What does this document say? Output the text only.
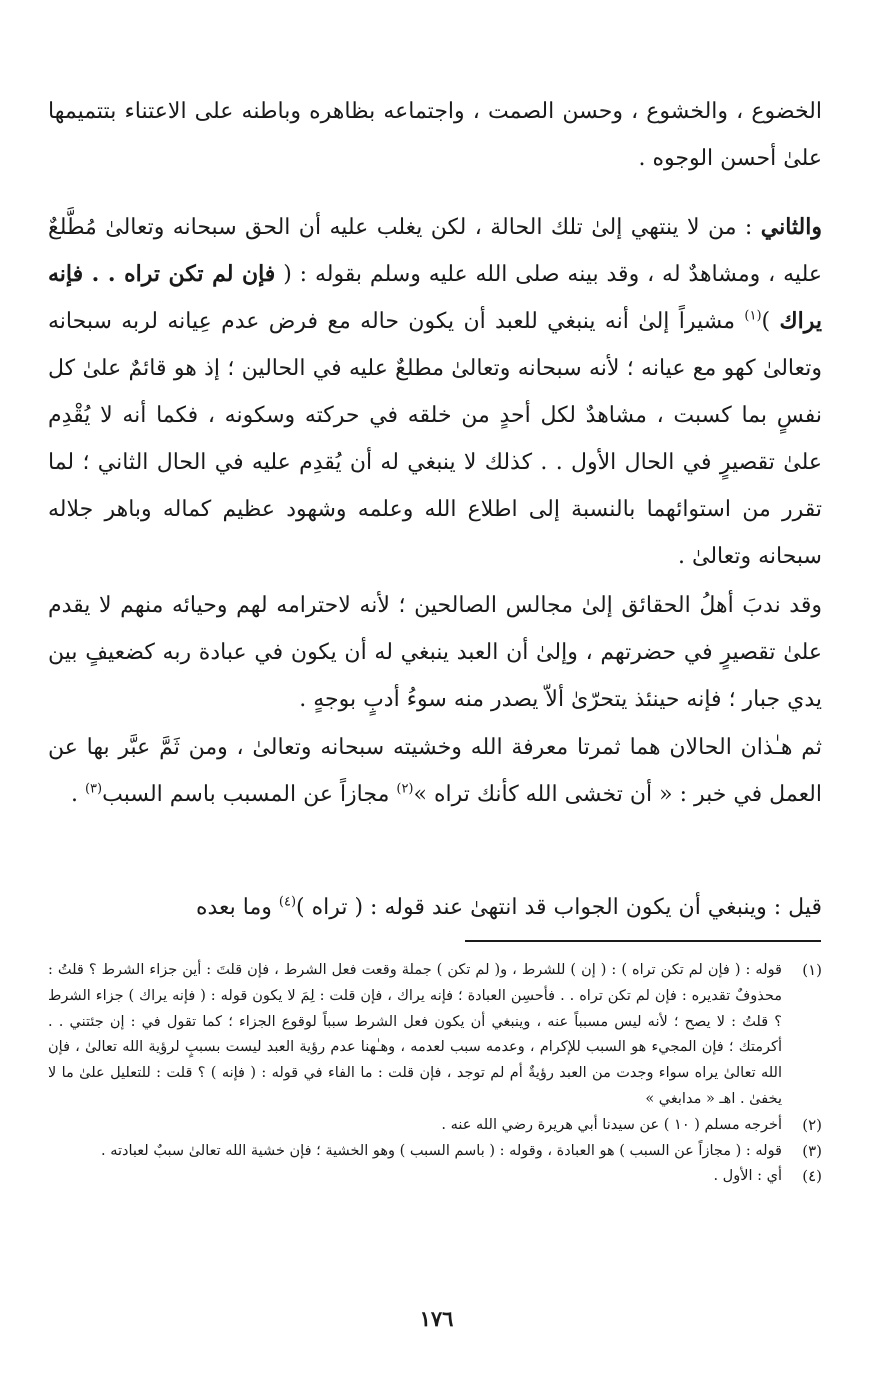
الخضوع ، والخشوع ، وحسن الصمت ، واجتماعه بظاهره وباطنه على الاعتناء بتتميمها علىٰ أحسن الوجوه .

والثاني : من لا ينتهي إلىٰ تلك الحالة ، لكن يغلب عليه أن الحق سبحانه وتعالىٰ مُطَّلعٌ عليه ، ومشاهدٌ له ، وقد بينه صلى الله عليه وسلم بقوله : ( فإن لم تكن تراه . . فإنه يراك )$^{(١)}$ مشيراً إلىٰ أنه ينبغي للعبد أن يكون حاله مع فرض عدم عِيانه لربه سبحانه وتعالىٰ كهو مع عيانه ؛ لأنه سبحانه وتعالىٰ مطلعٌ عليه في الحالين ؛ إذ هو قائمٌ علىٰ كل نفسٍ بما كسبت ، مشاهدٌ لكل أحدٍ من خلقه في حركته وسكونه ، فكما أنه لا يُقْدِم علىٰ تقصيرٍ في الحال الأول . . كذلك لا ينبغي له أن يُقدِم عليه في الحال الثاني ؛ لما تقرر من استوائهما بالنسبة إلى اطلاع الله وعلمه وشهود عظيم كماله وباهر جلاله سبحانه وتعالىٰ .

وقد ندبَ أهلُ الحقائق إلىٰ مجالس الصالحين ؛ لأنه لاحترامه لهم وحيائه منهم لا يقدم علىٰ تقصيرٍ في حضرتهم ، وإلىٰ أن العبد ينبغي له أن يكون في عبادة ربه كضعيفٍ بين يدي جبار ؛ فإنه حينئذ يتحرّىٰ ألاّ يصدر منه سوءُ أدبٍ بوجهٍ .

ثم هـٰذان الحالان هما ثمرتا معرفة الله وخشيته سبحانه وتعالىٰ ، ومن ثَمَّ عبَّر بها عن العمل في خبر : « أن تخشى الله كأنك تراه »$^{(٢)}$ مجازاً عن المسبب باسم السبب$^{(٣)}$ .

قيل : وينبغي أن يكون الجواب قد انتهىٰ عند قوله : ( تراه )$^{(٤)}$ وما بعده

(١)
قوله : ( فإن لم تكن تراه ) : ( إن ) للشرط ، و( لم تكن ) جملة وقعت فعل الشرط ، فإن قلتَ : أين جزاء الشرط ؟ قلتُ : محذوفٌ تقديره : فإن لم تكن تراه . . فأحسِن العبادة ؛ فإنه يراك ، فإن قلت : لِمَ لا يكون قوله : ( فإنه يراك ) جزاء الشرط ؟ قلتُ : لا يصح ؛ لأنه ليس مسبباً عنه ، وينبغي أن يكون فعل الشرط سبباً لوقوع الجزاء ؛ كما تقول في : إن جئتني . . أكرمتك ؛ فإن المجيء هو السبب للإكرام ، وعدمه سبب لعدمه ، وهـٰهنا عدم رؤية العبد ليست بسببٍ لرؤية الله تعالىٰ ، فإن الله تعالىٰ يراه سواء وجدت من العبد رؤيةٌ أم لم توجد ، فإن قلت : ما الفاء في قوله : ( فإنه ) ؟ قلت : للتعليل علىٰ ما لا يخفىٰ . اهـ « مدابغي »
(٢)
أخرجه مسلم ( ١٠ ) عن سيدنا أبي هريرة رضي الله عنه .
(٣)
قوله : ( مجازاً عن السبب ) هو العبادة ، وقوله : ( باسم السبب ) وهو الخشية ؛ فإن خشية الله تعالىٰ سببٌ لعبادته .
(٤)
أي : الأول .
١٧٦
